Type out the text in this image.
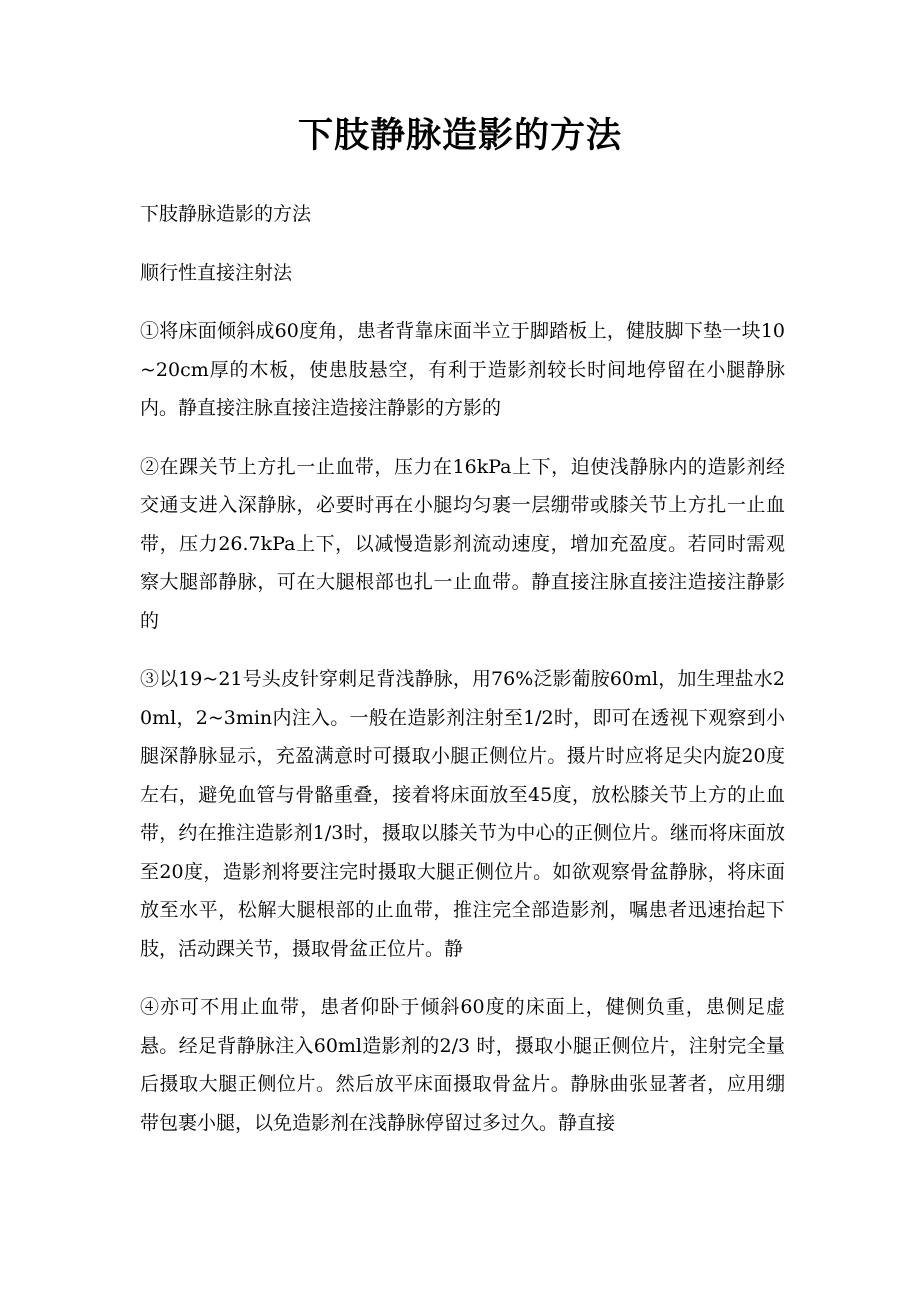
下肢静脉造影的方法

下肢静脉造影的方法

顺行性直接注射法

①将床面倾斜成60度角，患者背靠床面半立于脚踏板上，健肢脚下垫一块10~20cm厚的木板，使患肢悬空，有利于造影剂较长时间地停留在小腿静脉内。静直接注脉直接注造接注静影的方影的

②在踝关节上方扎一止血带，压力在16kPa上下，迫使浅静脉内的造影剂经交通支进入深静脉，必要时再在小腿均匀裹一层绷带或膝关节上方扎一止血带，压力26.7kPa上下，以减慢造影剂流动速度，增加充盈度。若同时需观察大腿部静脉，可在大腿根部也扎一止血带。静直接注脉直接注造接注静影的

③以19~21号头皮针穿刺足背浅静脉，用76%泛影葡胺60ml，加生理盐水20ml，2~3min内注入。一般在造影剂注射至1/2时，即可在透视下观察到小腿深静脉显示，充盈满意时可摄取小腿正侧位片。摄片时应将足尖内旋20度左右，避免血管与骨骼重叠，接着将床面放至45度，放松膝关节上方的止血带，约在推注造影剂1/3时，摄取以膝关节为中心的正侧位片。继而将床面放至20度，造影剂将要注完时摄取大腿正侧位片。如欲观察骨盆静脉，将床面放至水平，松解大腿根部的止血带，推注完全部造影剂，嘱患者迅速抬起下肢，活动踝关节，摄取骨盆正位片。静

④亦可不用止血带，患者仰卧于倾斜60度的床面上，健侧负重，患侧足虚悬。经足背静脉注入60ml造影剂的2/3 时，摄取小腿正侧位片，注射完全量后摄取大腿正侧位片。然后放平床面摄取骨盆片。静脉曲张显著者，应用绷带包裹小腿，以免造影剂在浅静脉停留过多过久。静直接
